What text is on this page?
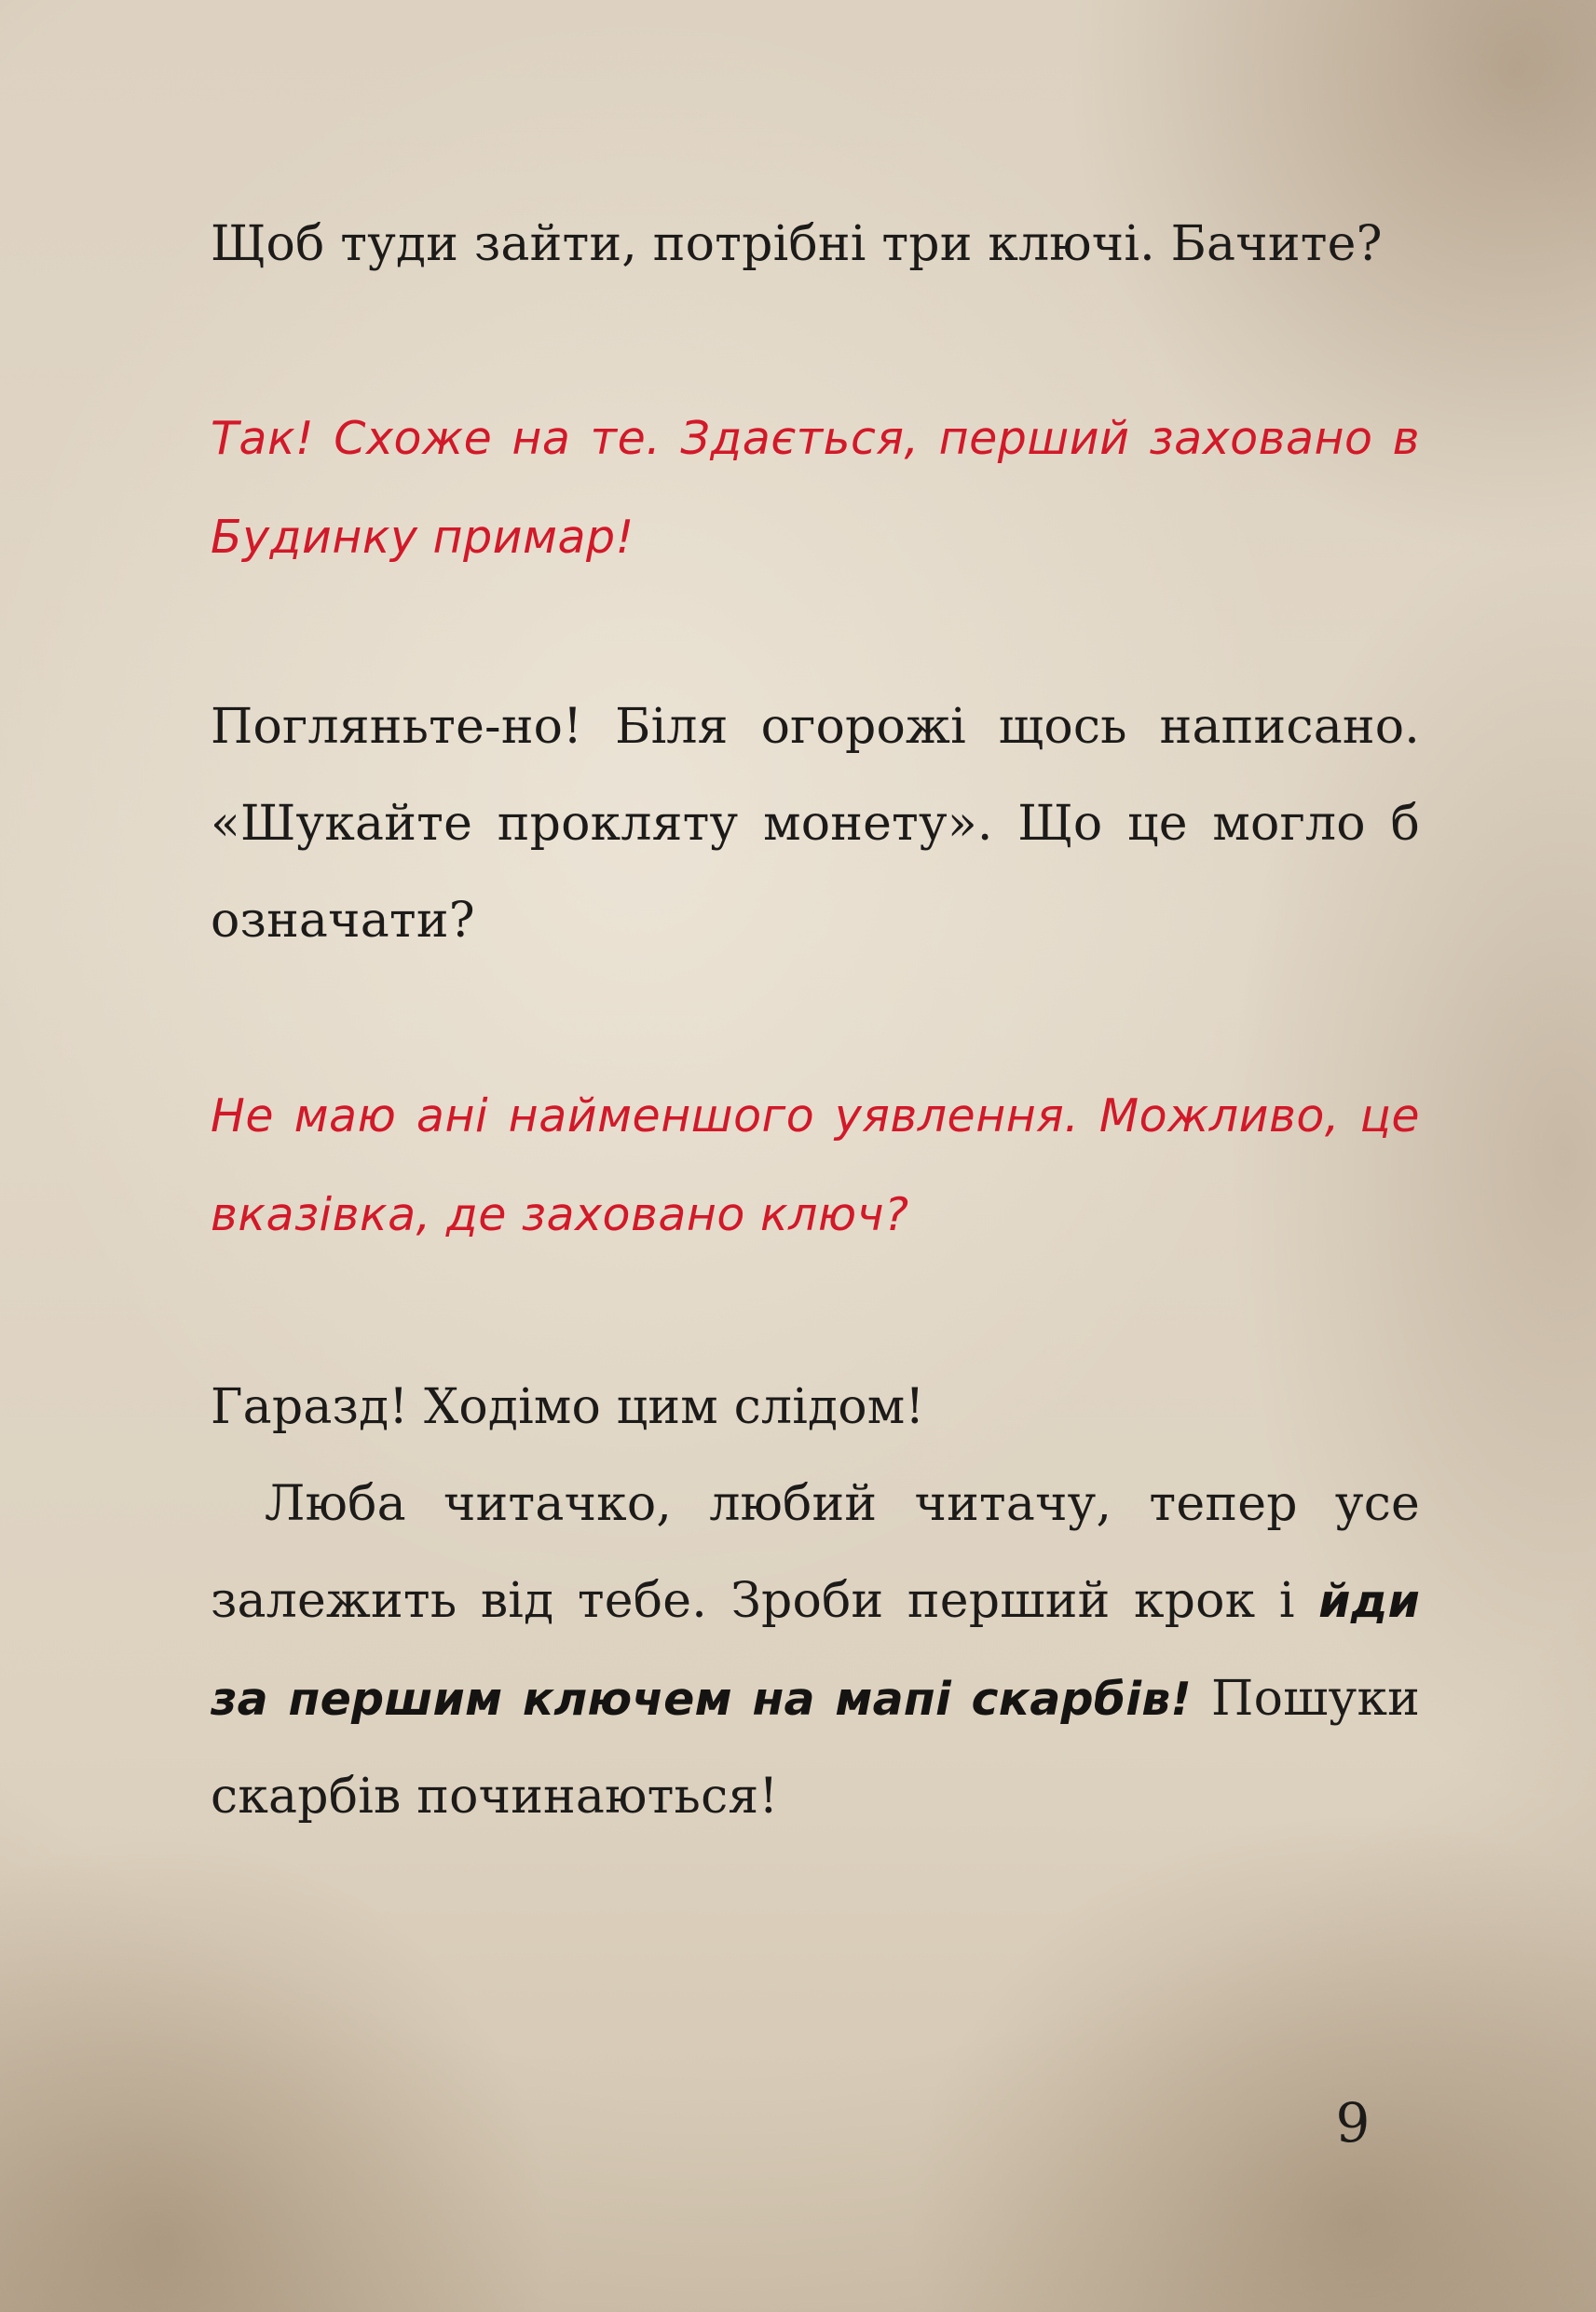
Щоб туди зайти, потрібні три ключі. Бачите?

Так! Схоже на те. Здається, перший заховано в Будинку примар!

Погляньте-но! Біля огорожі щось написано. «Шукайте прокляту монету». Що це могло б означати?

Не маю ані найменшого уявлення. Можливо, це вказівка, де заховано ключ?

Гаразд! Ходімо цим слідом!

Люба читачко, любий читачу, тепер усе залежить від тебе. Зроби перший крок і йди за першим ключем на мапі скарбів! Пошуки скарбів починаються!

9
